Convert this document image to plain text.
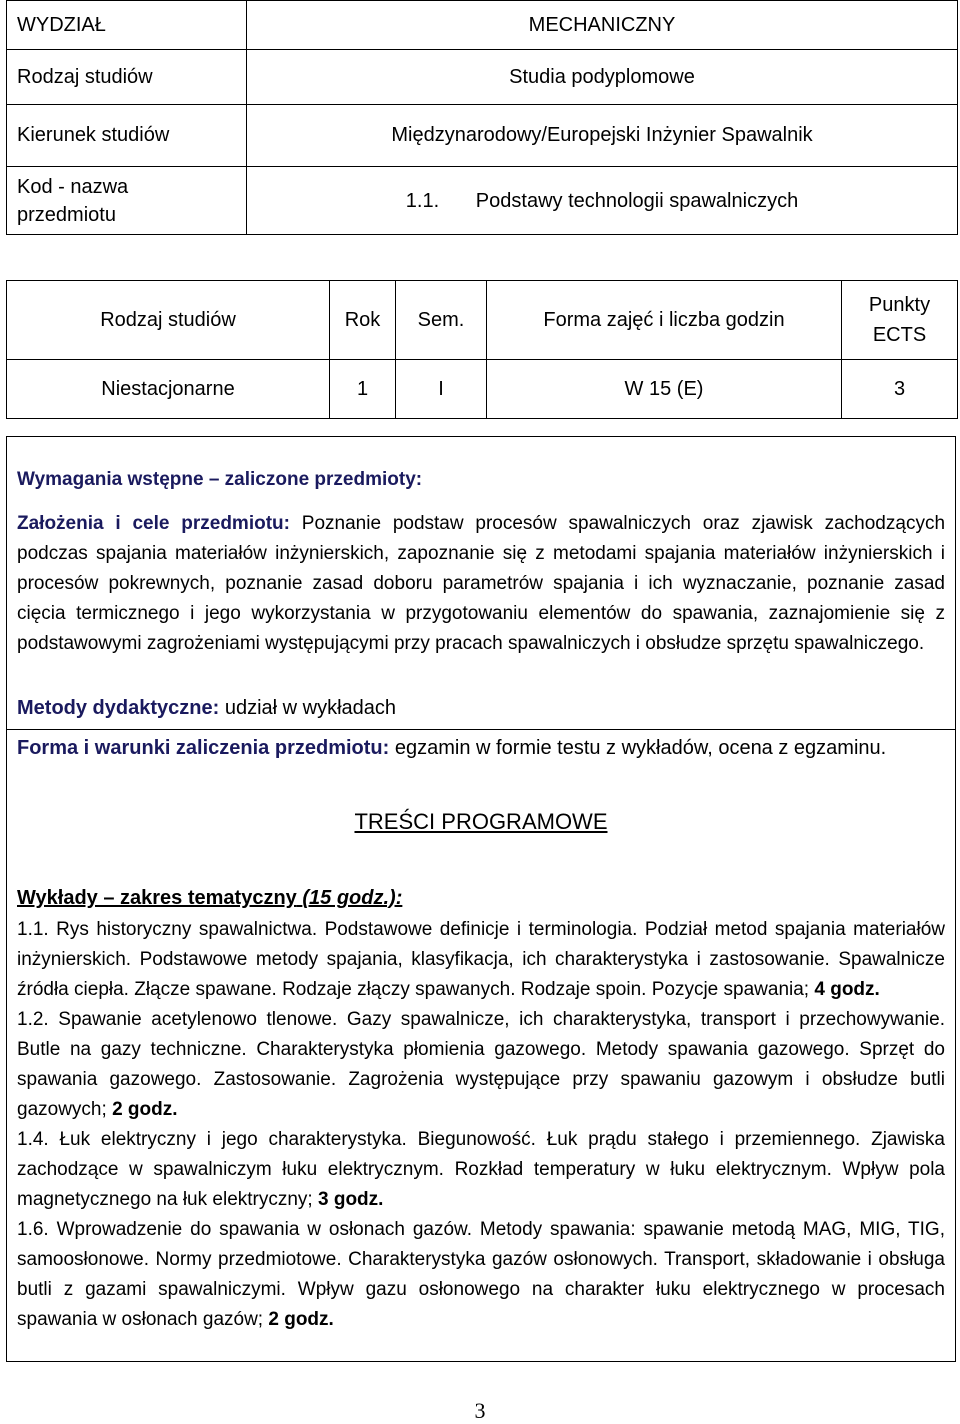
WYDZIAŁ	MECHANICZNY
Rodzaj studiów	Studia podyplomowe
Kierunek studiów	Międzynarodowy/Europejski Inżynier Spawalnik
Kod - nazwa
przedmiotu	1.1. Podstawy technologii spawalniczych
Rodzaj studiów	Rok	Sem.	Forma zajęć i liczba godzin	Punkty
ECTS
Niestacjonarne	1	I	W 15 (E)	3
Wymagania wstępne – zaliczone przedmioty:
Założenia i cele przedmiotu: Poznanie podstaw procesów spawalniczych oraz zjawisk zachodzących podczas spajania materiałów inżynierskich, zapoznanie się z metodami spajania materiałów inżynierskich i procesów pokrewnych, poznanie zasad doboru parametrów spajania i ich wyznaczanie, poznanie zasad cięcia termicznego i jego wykorzystania w przygotowaniu elementów do spawania, zaznajomienie się z podstawowymi zagrożeniami występującymi przy pracach spawalniczych i obsłudze sprzętu spawalniczego.
Metody dydaktyczne: udział w wykładach
Forma i warunki zaliczenia przedmiotu: egzamin w formie testu z wykładów, ocena z egzaminu.
TREŚCI PROGRAMOWE
Wykłady – zakres tematyczny (15 godz.):
1.1. Rys historyczny spawalnictwa. Podstawowe definicje i terminologia. Podział metod spajania materiałów inżynierskich. Podstawowe metody spajania, klasyfikacja, ich charakterystyka i zastosowanie. Spawalnicze źródła ciepła. Złącze spawane. Rodzaje złączy spawanych. Rodzaje spoin. Pozycje spawania; 4 godz.
1.2. Spawanie acetylenowo tlenowe. Gazy spawalnicze, ich charakterystyka, transport i przechowywanie. Butle na gazy techniczne. Charakterystyka płomienia gazowego. Metody spawania gazowego. Sprzęt do spawania gazowego. Zastosowanie. Zagrożenia występujące przy spawaniu gazowym i obsłudze butli gazowych; 2 godz.
1.4. Łuk elektryczny i jego charakterystyka. Biegunowość. Łuk prądu stałego i przemiennego. Zjawiska zachodzące w spawalniczym łuku elektrycznym. Rozkład temperatury w łuku elektrycznym. Wpływ pola magnetycznego na łuk elektryczny; 3 godz.
1.6. Wprowadzenie do spawania w osłonach gazów. Metody spawania: spawanie metodą MAG, MIG, TIG, samoosłonowe. Normy przedmiotowe. Charakterystyka gazów osłonowych. Transport, składowanie i obsługa butli z gazami spawalniczymi. Wpływ gazu osłonowego na charakter łuku elektrycznego w procesach spawania w osłonach gazów; 2 godz.
3
